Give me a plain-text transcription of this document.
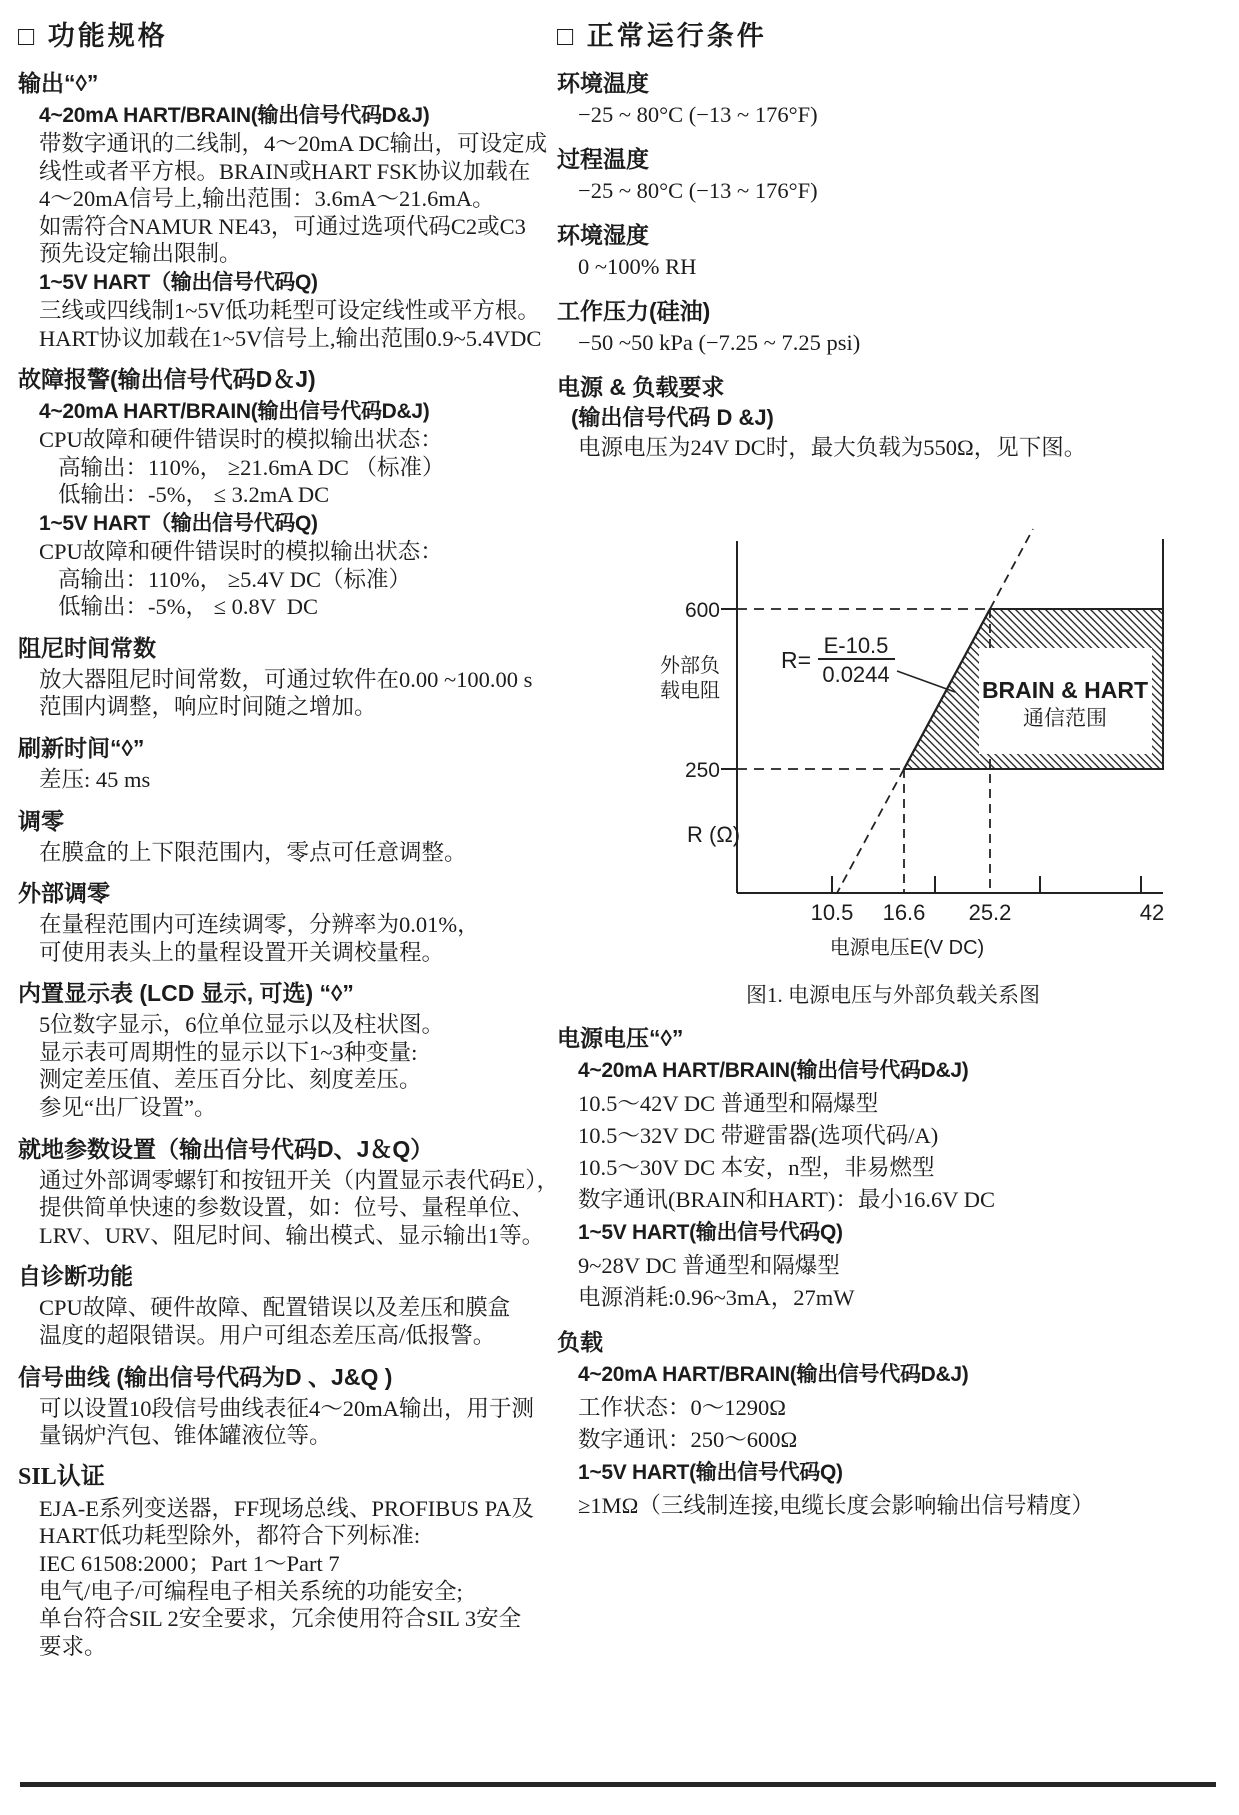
□ 功能规格
输出“◊”
4~20mA HART/BRAIN(输出信号代码D&J)
带数字通讯的二线制，4～20mA DC输出，可设定成
线性或者平方根。BRAIN或HART FSK协议加载在
4～20mA信号上,输出范围：3.6mA～21.6mA。
如需符合NAMUR NE43，可通过选项代码C2或C3
预先设定输出限制。
1~5V HART（输出信号代码Q)
三线或四线制1~5V低功耗型可设定线性或平方根。
HART协议加载在1~5V信号上,输出范围0.9~5.4VDC
故障报警(输出信号代码D＆J)
4~20mA HART/BRAIN(输出信号代码D&J)
CPU故障和硬件错误时的模拟输出状态：
高输出：110%， ≥21.6mA DC （标准）
低输出：-5%， ≤ 3.2mA DC
1~5V HART（输出信号代码Q)
CPU故障和硬件错误时的模拟输出状态：
高输出：110%， ≥5.4V DC（标准）
低输出：-5%， ≤ 0.8V  DC
阻尼时间常数
放大器阻尼时间常数，可通过软件在0.00 ~100.00 s
范围内调整，响应时间随之增加。
刷新时间“◊”
差压: 45 ms
调零
在膜盒的上下限范围内，零点可任意调整。
外部调零
在量程范围内可连续调零，分辨率为0.01%，
可使用表头上的量程设置开关调校量程。
内置显示表 (LCD 显示, 可选) “◊”
5位数字显示，6位单位显示以及柱状图。
显示表可周期性的显示以下1~3种变量:
测定差压值、差压百分比、刻度差压。
参见“出厂设置”。
就地参数设置（输出信号代码D、J＆Q）
通过外部调零螺钉和按钮开关（内置显示表代码E），
提供简单快速的参数设置，如：位号、量程单位、
LRV、URV、阻尼时间、输出模式、显示输出1等。
自诊断功能
CPU故障、硬件故障、配置错误以及差压和膜盒
温度的超限错误。用户可组态差压高/低报警。
信号曲线 (输出信号代码为D 、J&Q )
可以设置10段信号曲线表征4～20mA输出，用于测
量锅炉汽包、锥体罐液位等。
SIL认证
EJA-E系列变送器，FF现场总线、PROFIBUS PA及
HART低功耗型除外，都符合下列标准:
IEC 61508:2000；Part 1～Part 7
电气/电子/可编程电子相关系统的功能安全;
单台符合SIL 2安全要求，冗余使用符合SIL 3安全
要求。
□ 正常运行条件
环境温度
−25 ~ 80°C (−13 ~ 176°F)
过程温度
−25 ~ 80°C (−13 ~ 176°F)
环境湿度
0 ~100% RH
工作压力(硅油)
−50 ~50 kPa (−7.25 ~ 7.25 psi)
电源 & 负载要求
(输出信号代码 D &J)
电源电压为24V DC时，最大负载为550Ω，见下图。
R=
E-10.5
0.0244
600
250
外部负
载电阻
R (Ω)
10.5 16.6 25.2	42
电源电压E(V DC)
BRAIN & HART
通信范围
图1. 电源电压与外部负载关系图
电源电压“◊”
4~20mA HART/BRAIN(输出信号代码D&J)
10.5～42V DC 普通型和隔爆型
10.5～32V DC 带避雷器(选项代码/A)
10.5～30V DC 本安，n型，非易燃型
数字通讯(BRAIN和HART)：最小16.6V DC
1~5V HART(输出信号代码Q)
9~28V DC 普通型和隔爆型
电源消耗:0.96~3mA，27mW
负载
4~20mA HART/BRAIN(输出信号代码D&J)
工作状态：0～1290Ω
数字通讯：250～600Ω
1~5V HART(输出信号代码Q)
≥1MΩ（三线制连接,电缆长度会影响输出信号精度）
